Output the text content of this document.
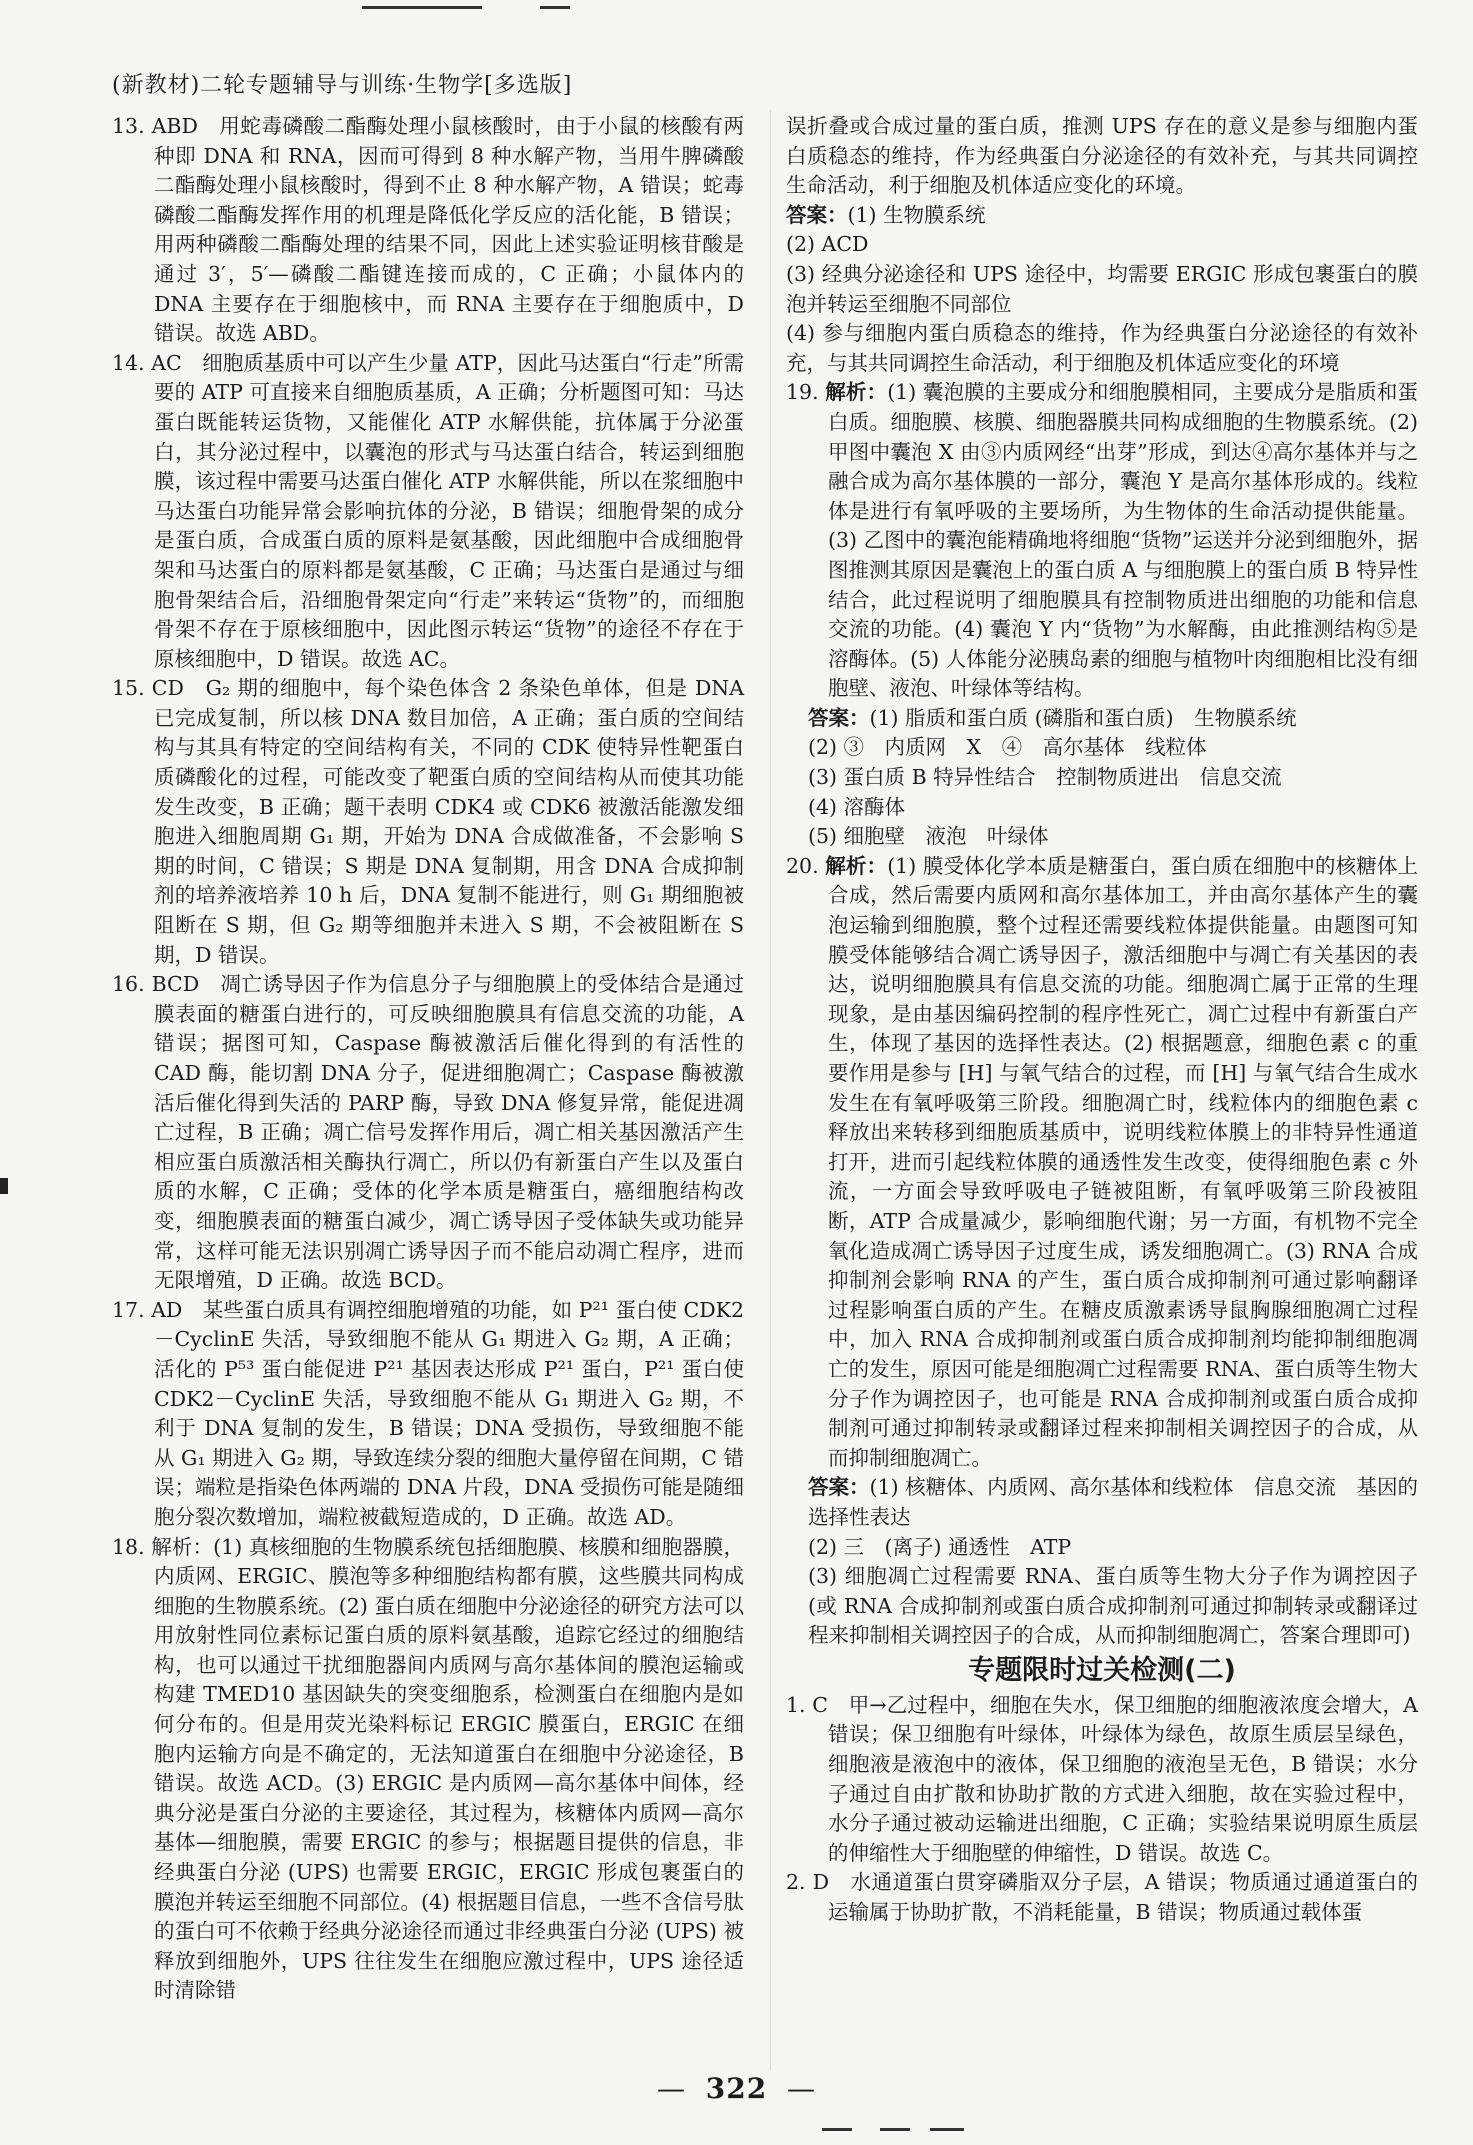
(新教材)二轮专题辅导与训练·生物学[多选版]

13. ABD　用蛇毒磷酸二酯酶处理小鼠核酸时，由于小鼠的核酸有两种即 DNA 和 RNA，因而可得到 8 种水解产物，当用牛脾磷酸二酯酶处理小鼠核酸时，得到不止 8 种水解产物，A 错误；蛇毒磷酸二酯酶发挥作用的机理是降低化学反应的活化能，B 错误；用两种磷酸二酯酶处理的结果不同，因此上述实验证明核苷酸是通过 3′，5′—磷酸二酯键连接而成的，C 正确；小鼠体内的 DNA 主要存在于细胞核中，而 RNA 主要存在于细胞质中，D 错误。故选 ABD。

14. AC　细胞质基质中可以产生少量 ATP，因此马达蛋白“行走”所需要的 ATP 可直接来自细胞质基质，A 正确；分析题图可知：马达蛋白既能转运货物，又能催化 ATP 水解供能，抗体属于分泌蛋白，其分泌过程中，以囊泡的形式与马达蛋白结合，转运到细胞膜，该过程中需要马达蛋白催化 ATP 水解供能，所以在浆细胞中马达蛋白功能异常会影响抗体的分泌，B 错误；细胞骨架的成分是蛋白质，合成蛋白质的原料是氨基酸，因此细胞中合成细胞骨架和马达蛋白的原料都是氨基酸，C 正确；马达蛋白是通过与细胞骨架结合后，沿细胞骨架定向“行走”来转运“货物”的，而细胞骨架不存在于原核细胞中，因此图示转运“货物”的途径不存在于原核细胞中，D 错误。故选 AC。

15. CD　G₂ 期的细胞中，每个染色体含 2 条染色单体，但是 DNA 已完成复制，所以核 DNA 数目加倍，A 正确；蛋白质的空间结构与其具有特定的空间结构有关，不同的 CDK 使特异性靶蛋白质磷酸化的过程，可能改变了靶蛋白质的空间结构从而使其功能发生改变，B 正确；题干表明 CDK4 或 CDK6 被激活能激发细胞进入细胞周期 G₁ 期，开始为 DNA 合成做准备，不会影响 S 期的时间，C 错误；S 期是 DNA 复制期，用含 DNA 合成抑制剂的培养液培养 10 h 后，DNA 复制不能进行，则 G₁ 期细胞被阻断在 S 期，但 G₂ 期等细胞并未进入 S 期，不会被阻断在 S 期，D 错误。

16. BCD　凋亡诱导因子作为信息分子与细胞膜上的受体结合是通过膜表面的糖蛋白进行的，可反映细胞膜具有信息交流的功能，A 错误；据图可知，Caspase 酶被激活后催化得到的有活性的 CAD 酶，能切割 DNA 分子，促进细胞凋亡；Caspase 酶被激活后催化得到失活的 PARP 酶，导致 DNA 修复异常，能促进凋亡过程，B 正确；凋亡信号发挥作用后，凋亡相关基因激活产生相应蛋白质激活相关酶执行凋亡，所以仍有新蛋白产生以及蛋白质的水解，C 正确；受体的化学本质是糖蛋白，癌细胞结构改变，细胞膜表面的糖蛋白减少，凋亡诱导因子受体缺失或功能异常，这样可能无法识别凋亡诱导因子而不能启动凋亡程序，进而无限增殖，D 正确。故选 BCD。

17. AD　某些蛋白质具有调控细胞增殖的功能，如 P²¹ 蛋白使 CDK2－CyclinE 失活，导致细胞不能从 G₁ 期进入 G₂ 期，A 正确；活化的 P⁵³ 蛋白能促进 P²¹ 基因表达形成 P²¹ 蛋白，P²¹ 蛋白使 CDK2－CyclinE 失活，导致细胞不能从 G₁ 期进入 G₂ 期，不利于 DNA 复制的发生，B 错误；DNA 受损伤，导致细胞不能从 G₁ 期进入 G₂ 期，导致连续分裂的细胞大量停留在间期，C 错误；端粒是指染色体两端的 DNA 片段，DNA 受损伤可能是随细胞分裂次数增加，端粒被截短造成的，D 正确。故选 AD。

18. 解析：(1) 真核细胞的生物膜系统包括细胞膜、核膜和细胞器膜，内质网、ERGIC、膜泡等多种细胞结构都有膜，这些膜共同构成细胞的生物膜系统。(2) 蛋白质在细胞中分泌途径的研究方法可以用放射性同位素标记蛋白质的原料氨基酸，追踪它经过的细胞结构，也可以通过干扰细胞器间内质网与高尔基体间的膜泡运输或构建 TMED10 基因缺失的突变细胞系，检测蛋白在细胞内是如何分布的。但是用荧光染料标记 ERGIC 膜蛋白，ERGIC 在细胞内运输方向是不确定的，无法知道蛋白在细胞中分泌途径，B 错误。故选 ACD。(3) ERGIC 是内质网—高尔基体中间体，经典分泌是蛋白分泌的主要途径，其过程为，核糖体内质网—高尔基体—细胞膜，需要 ERGIC 的参与；根据题目提供的信息，非经典蛋白分泌 (UPS) 也需要 ERGIC，ERGIC 形成包裹蛋白的膜泡并转运至细胞不同部位。(4) 根据题目信息，一些不含信号肽的蛋白可不依赖于经典分泌途径而通过非经典蛋白分泌 (UPS) 被释放到细胞外，UPS 往往发生在细胞应激过程中，UPS 途径适时清除错

误折叠或合成过量的蛋白质，推测 UPS 存在的意义是参与细胞内蛋白质稳态的维持，作为经典蛋白分泌途径的有效补充，与其共同调控生命活动，利于细胞及机体适应变化的环境。

答案：(1) 生物膜系统

(2) ACD

(3) 经典分泌途径和 UPS 途径中，均需要 ERGIC 形成包裹蛋白的膜泡并转运至细胞不同部位

(4) 参与细胞内蛋白质稳态的维持，作为经典蛋白分泌途径的有效补充，与其共同调控生命活动，利于细胞及机体适应变化的环境

19. 解析：(1) 囊泡膜的主要成分和细胞膜相同，主要成分是脂质和蛋白质。细胞膜、核膜、细胞器膜共同构成细胞的生物膜系统。(2) 甲图中囊泡 X 由③内质网经“出芽”形成，到达④高尔基体并与之融合成为高尔基体膜的一部分，囊泡 Y 是高尔基体形成的。线粒体是进行有氧呼吸的主要场所，为生物体的生命活动提供能量。(3) 乙图中的囊泡能精确地将细胞“货物”运送并分泌到细胞外，据图推测其原因是囊泡上的蛋白质 A 与细胞膜上的蛋白质 B 特异性结合，此过程说明了细胞膜具有控制物质进出细胞的功能和信息交流的功能。(4) 囊泡 Y 内“货物”为水解酶，由此推测结构⑤是溶酶体。(5) 人体能分泌胰岛素的细胞与植物叶肉细胞相比没有细胞壁、液泡、叶绿体等结构。

答案：(1) 脂质和蛋白质 (磷脂和蛋白质)　生物膜系统

(2) ③　内质网　X　④　高尔基体　线粒体

(3) 蛋白质 B 特异性结合　控制物质进出　信息交流

(4) 溶酶体

(5) 细胞壁　液泡　叶绿体

20. 解析：(1) 膜受体化学本质是糖蛋白，蛋白质在细胞中的核糖体上合成，然后需要内质网和高尔基体加工，并由高尔基体产生的囊泡运输到细胞膜，整个过程还需要线粒体提供能量。由题图可知膜受体能够结合凋亡诱导因子，激活细胞中与凋亡有关基因的表达，说明细胞膜具有信息交流的功能。细胞凋亡属于正常的生理现象，是由基因编码控制的程序性死亡，凋亡过程中有新蛋白产生，体现了基因的选择性表达。(2) 根据题意，细胞色素 c 的重要作用是参与 [H] 与氧气结合的过程，而 [H] 与氧气结合生成水发生在有氧呼吸第三阶段。细胞凋亡时，线粒体内的细胞色素 c 释放出来转移到细胞质基质中，说明线粒体膜上的非特异性通道打开，进而引起线粒体膜的通透性发生改变，使得细胞色素 c 外流，一方面会导致呼吸电子链被阻断，有氧呼吸第三阶段被阻断，ATP 合成量减少，影响细胞代谢；另一方面，有机物不完全氧化造成凋亡诱导因子过度生成，诱发细胞凋亡。(3) RNA 合成抑制剂会影响 RNA 的产生，蛋白质合成抑制剂可通过影响翻译过程影响蛋白质的产生。在糖皮质激素诱导鼠胸腺细胞凋亡过程中，加入 RNA 合成抑制剂或蛋白质合成抑制剂均能抑制细胞凋亡的发生，原因可能是细胞凋亡过程需要 RNA、蛋白质等生物大分子作为调控因子，也可能是 RNA 合成抑制剂或蛋白质合成抑制剂可通过抑制转录或翻译过程来抑制相关调控因子的合成，从而抑制细胞凋亡。

答案：(1) 核糖体、内质网、高尔基体和线粒体　信息交流　基因的选择性表达

(2) 三　(离子) 通透性　ATP

(3) 细胞凋亡过程需要 RNA、蛋白质等生物大分子作为调控因子 (或 RNA 合成抑制剂或蛋白质合成抑制剂可通过抑制转录或翻译过程来抑制相关调控因子的合成，从而抑制细胞凋亡，答案合理即可)

专题限时过关检测(二)

1. C　甲→乙过程中，细胞在失水，保卫细胞的细胞液浓度会增大，A 错误；保卫细胞有叶绿体，叶绿体为绿色，故原生质层呈绿色，细胞液是液泡中的液体，保卫细胞的液泡呈无色，B 错误；水分子通过自由扩散和协助扩散的方式进入细胞，故在实验过程中，水分子通过被动运输进出细胞，C 正确；实验结果说明原生质层的伸缩性大于细胞壁的伸缩性，D 错误。故选 C。

2. D　水通道蛋白贯穿磷脂双分子层，A 错误；物质通过通道蛋白的运输属于协助扩散，不消耗能量，B 错误；物质通过载体蛋

—  322  —
